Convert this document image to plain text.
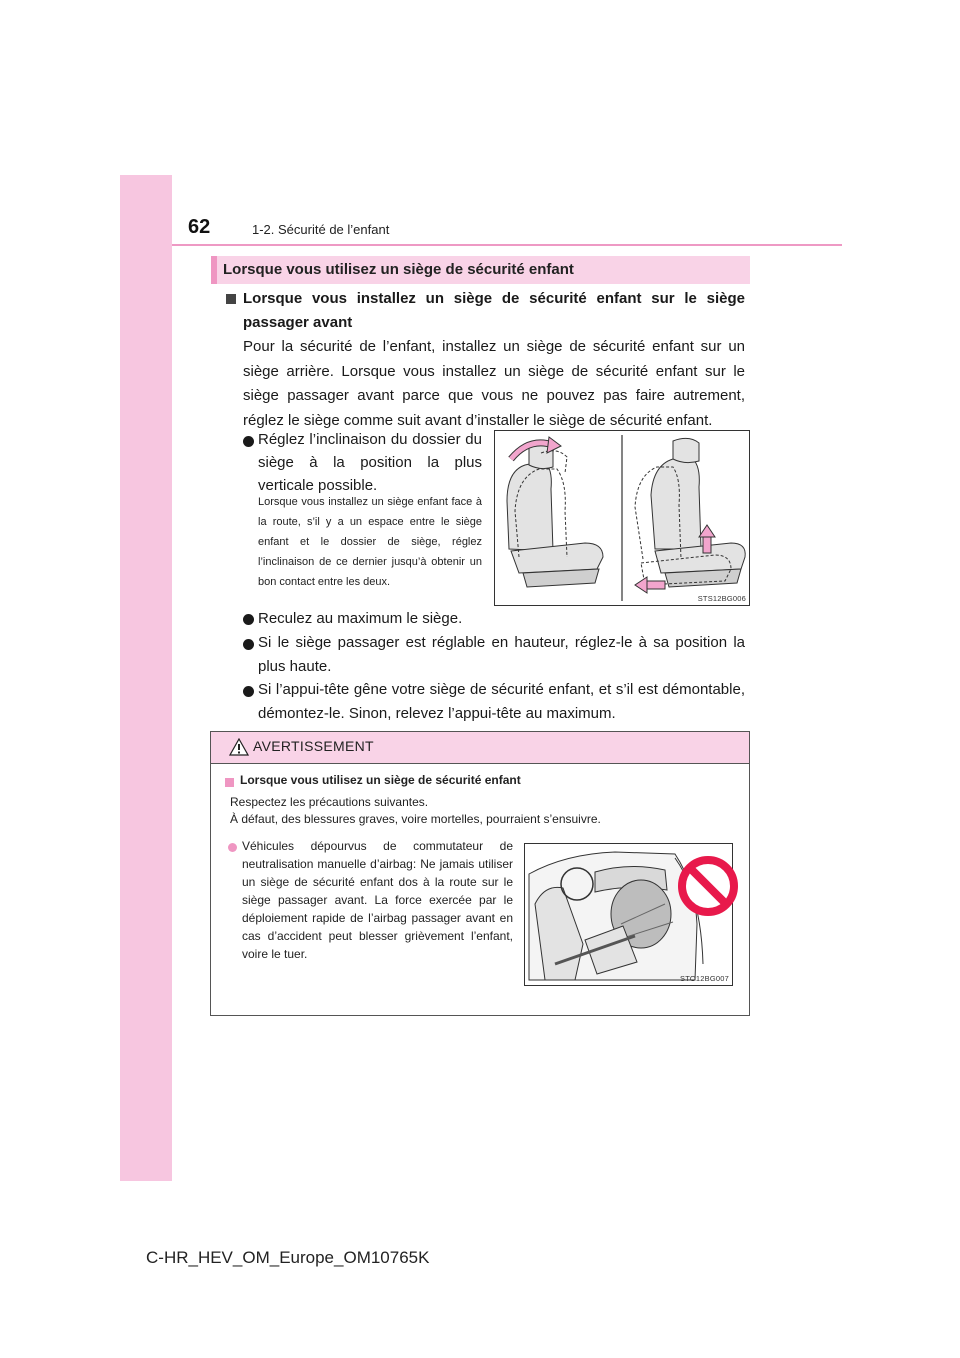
62	1-2. Sécurité de l’enfant
Lorsque vous utilisez un siège de sécurité enfant
Lorsque vous installez un siège de sécurité enfant sur le siège
passager avant
Pour la sécurité de l’enfant, installez un siège de sécurité enfant sur un siège arrière. Lorsque vous installez un siège de sécurité enfant sur le siège passager avant parce que vous ne pouvez pas faire autrement, réglez le siège comme suit avant d’installer le siège de sécurité enfant.
Réglez l’inclinaison du dossier du siège à la position la plus verticale possible.
Lorsque vous installez un siège enfant face à la route, s’il y a un espace entre le siège enfant et le dossier de siège, réglez l’inclinaison de ce dernier jusqu’à obtenir un bon contact entre les deux.
STS12BG006
Reculez au maximum le siège.
Si le siège passager est réglable en hauteur, réglez-le à sa position la plus haute.
Si l’appui-tête gêne votre siège de sécurité enfant, et s’il est démontable, démontez-le. Sinon, relevez l’appui-tête au maximum.
AVERTISSEMENT
Lorsque vous utilisez un siège de sécurité enfant
Respectez les précautions suivantes.
À défaut, des blessures graves, voire mortelles, pourraient s’ensuivre.
Véhicules dépourvus de commutateur de neutralisation manuelle d’airbag: Ne jamais utiliser un siège de sécurité enfant dos à la route sur le siège passager avant. La force exercée par le déploiement rapide de l’airbag passager avant en cas d’accident peut blesser grièvement l’enfant, voire le tuer.
STO12BG007
C-HR_HEV_OM_Europe_OM10765K
